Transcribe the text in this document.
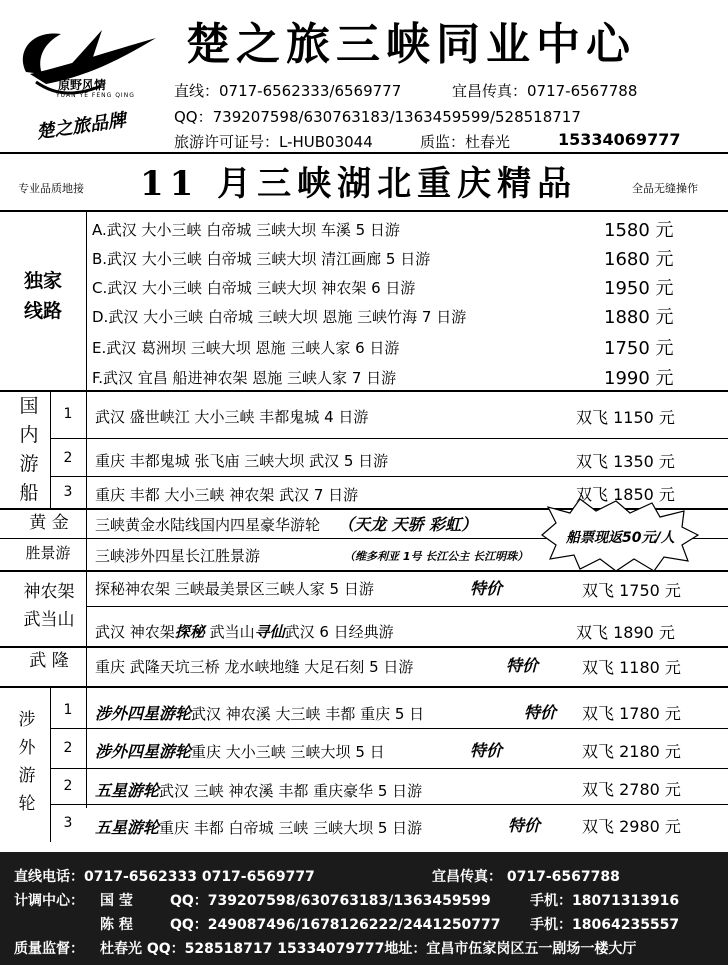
原野风情
YUAN YE FENG QING
楚之旅品牌
楚之旅三峡同业中心
直线：0717-6562333/6569777	宜昌传真：0717-6567788
QQ：739207598/630763183/1363459599/528518717
旅游许可证号：L-HUB03044	质监：杜春光	15334069777
专业品质地接 11 月三峡湖北重庆精品	全品无缝操作
独家线路
A.武汉 大小三峡 白帝城 三峡大坝 车溪 5 日游	1580 元
B.武汉 大小三峡 白帝城 三峡大坝 清江画廊 5 日游	1680 元
C.武汉 大小三峡 白帝城 三峡大坝 神农架 6 日游	1950 元
D.武汉 大小三峡 白帝城 三峡大坝 恩施 三峡竹海 7 日游	1880 元
E.武汉 葛洲坝 三峡大坝 恩施 三峡人家 6 日游	1750 元
F.武汉 宜昌 船进神农架 恩施 三峡人家 7 日游	1990 元
国内游船
1	武汉 盛世峡江 大小三峡 丰都鬼城 4 日游	双飞 1150 元
2	重庆 丰都鬼城 张飞庙 三峡大坝 武汉 5 日游	双飞 1350 元
3	重庆 丰都 大小三峡 神农架 武汉 7 日游	双飞 1850 元
黄 金	三峡黄金水陆线国内四星豪华游轮 （天龙 天骄 彩虹）
胜景游	三峡涉外四星长江胜景游	（维多利亚 1号 长江公主 长江明珠）
船票现返50元/人
神农架
武当山
探秘神农架 三峡最美景区三峡人家 5 日游	特价	双飞 1750 元
武汉 神农架探秘 武当山寻仙武汉 6 日经典游	双飞 1890 元
武 隆	重庆 武隆天坑三桥 龙水峡地缝 大足石刻 5 日游	特价	双飞 1180 元
涉外游轮
1	涉外四星游轮武汉 神农溪 大三峡 丰都 重庆 5 日	特价 双飞 1780 元
2	涉外四星游轮重庆 大小三峡 三峡大坝 5 日	特价	双飞 2180 元
2	五星游轮武汉 三峡 神农溪 丰都 重庆豪华 5 日游	双飞 2780 元
3	五星游轮重庆 丰都 白帝城 三峡 三峡大坝 5 日游	特价	双飞 2980 元
直线电话：0717-6562333 0717-6569777	宜昌传真： 0717-6567788
计调中心： 国 莹	QQ：739207598/630763183/1363459599	手机：18071313916
陈 程	QQ：249087496/1678126222/2441250777 手机：18064235557
质量监督： 杜春光 QQ：528518717 15334079777地址：宜昌市伍家岗区五一剧场一楼大厅
